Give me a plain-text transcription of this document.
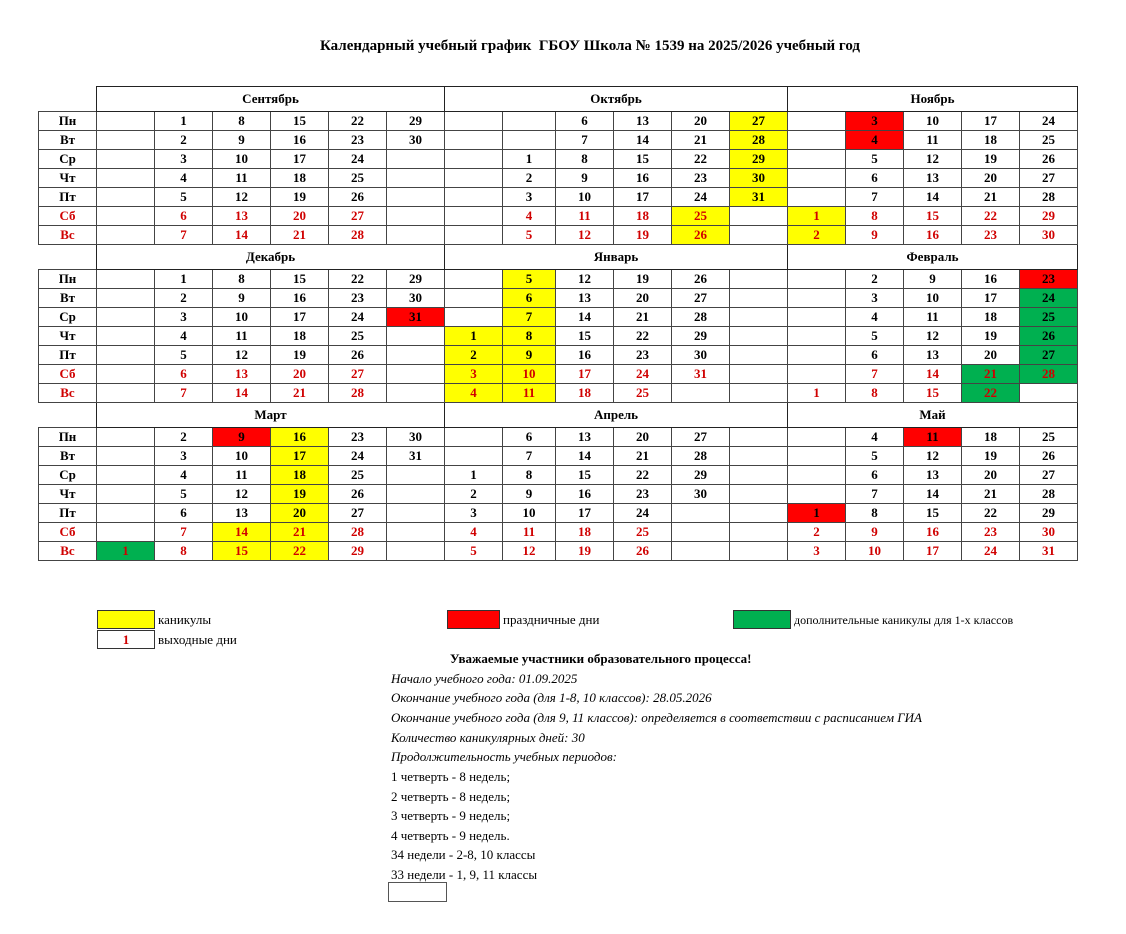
Календарный учебный график  ГБОУ Школа № 1539 на 2025/2026 учебный год
	Сентябрь						Октябрь						Ноябрь				
Пн		1	8	15	22	29			6	13	20	27		3	10	17	24
Вт		2	9	16	23	30			7	14	21	28		4	11	18	25
Ср		3	10	17	24			1	8	15	22	29		5	12	19	26
Чт		4	11	18	25			2	9	16	23	30		6	13	20	27
Пт		5	12	19	26			3	10	17	24	31		7	14	21	28
Сб		6	13	20	27			4	11	18	25		1	8	15	22	29
Вс		7	14	21	28			5	12	19	26		2	9	16	23	30
	Декабрь						Январь						Февраль				
Пн		1	8	15	22	29		5	12	19	26			2	9	16	23
Вт		2	9	16	23	30		6	13	20	27			3	10	17	24
Ср		3	10	17	24	31		7	14	21	28			4	11	18	25
Чт		4	11	18	25		1	8	15	22	29			5	12	19	26
Пт		5	12	19	26		2	9	16	23	30			6	13	20	27
Сб		6	13	20	27		3	10	17	24	31			7	14	21	28
Вс		7	14	21	28		4	11	18	25			1	8	15	22	
	Март						Апрель						Май				
Пн		2	9	16	23	30		6	13	20	27			4	11	18	25
Вт		3	10	17	24	31		7	14	21	28			5	12	19	26
Ср		4	11	18	25		1	8	15	22	29			6	13	20	27
Чт		5	12	19	26		2	9	16	23	30			7	14	21	28
Пт		6	13	20	27		3	10	17	24			1	8	15	22	29
Сб		7	14	21	28		4	11	18	25			2	9	16	23	30
Вс	1	8	15	22	29		5	12	19	26			3	10	17	24	31
каникулы	праздничные дни	дополнительные каникулы для 1-х классов
1	выходные дни
Уважаемые участники образовательного процесса!
Начало учебного года: 01.09.2025
Окончание учебного года (для 1-8, 10 классов): 28.05.2026
Окончание учебного года (для 9, 11 классов): определяется в соответствии с расписанием ГИА
Количество каникулярных дней: 30
Продолжительность учебных периодов:
1 четверть - 8 недель;
2 четверть - 8 недель;
3 четверть - 9 недель;
4 четверть - 9 недель.
34 недели - 2-8, 10 классы
33 недели - 1, 9, 11 классы
